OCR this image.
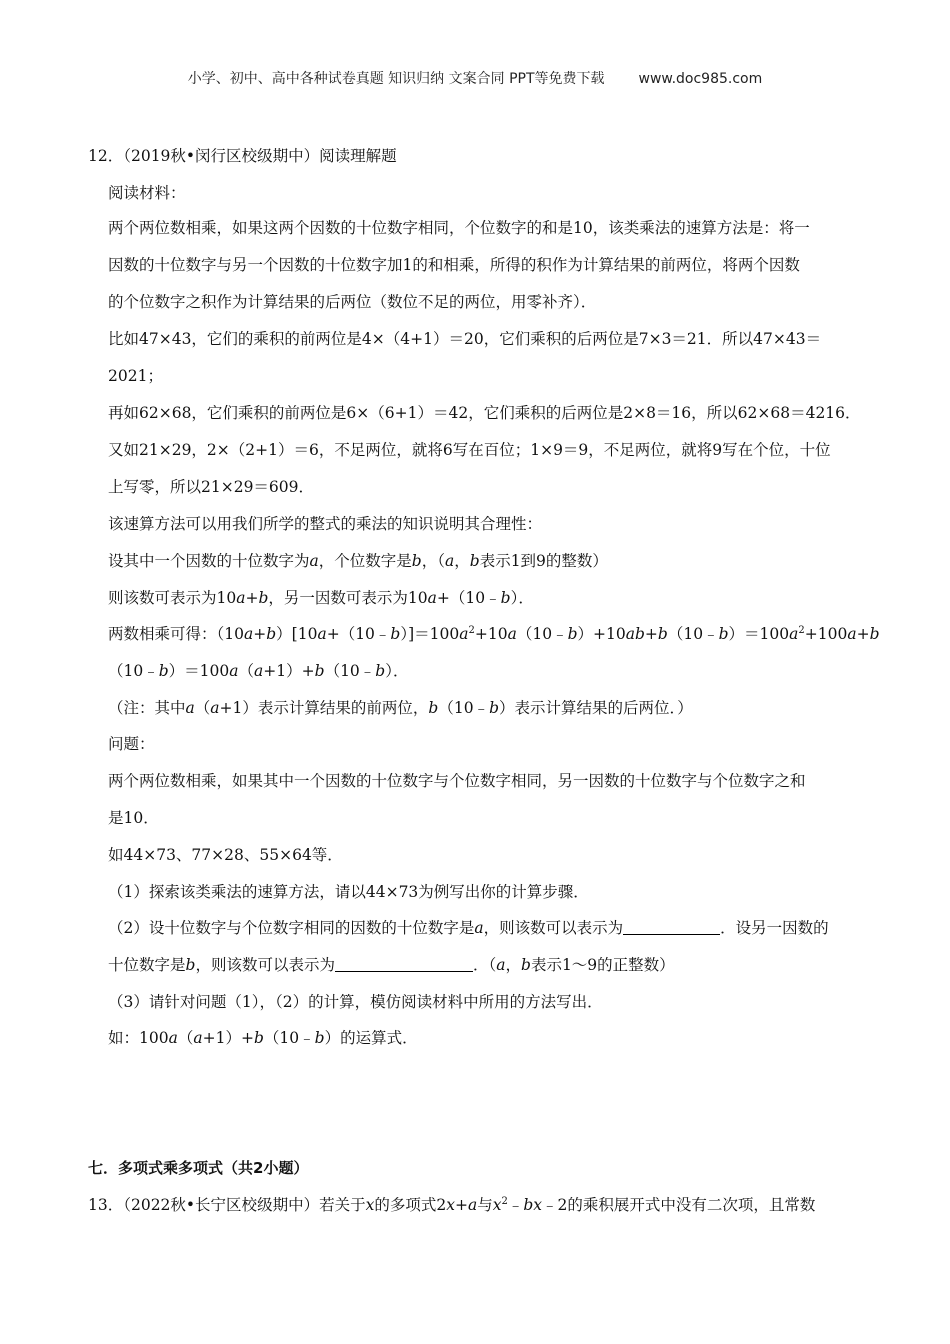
小学、初中、高中各种试卷真题 知识归纳 文案合同 PPT等免费下载 www.doc985.com
12．（2019秋•闵行区校级期中）阅读理解题
阅读材料：
两个两位数相乘，如果这两个因数的十位数字相同，个位数字的和是10，该类乘法的速算方法是：将一
因数的十位数字与另一个因数的十位数字加1的和相乘，所得的积作为计算结果的前两位，将两个因数
的个位数字之积作为计算结果的后两位（数位不足的两位，用零补齐）．
比如47×43，它们的乘积的前两位是4×（4+1）＝20，它们乘积的后两位是7×3＝21．所以47×43＝
2021；
再如62×68，它们乘积的前两位是6×（6+1）＝42，它们乘积的后两位是2×8＝16，所以62×68＝4216．
又如21×29，2×（2+1）＝6，不足两位，就将6写在百位；1×9＝9，不足两位，就将9写在个位，十位
上写零，所以21×29＝609．
该速算方法可以用我们所学的整式的乘法的知识说明其合理性：
设其中一个因数的十位数字为a，个位数字是b，（a，b表示1到9的整数）
则该数可表示为10a+b，另一因数可表示为10a+（10﹣b）．
两数相乘可得：$(10a+b)[10a+(10﹣b)]=100a^2+10a(10﹣b)+10ab+b(10﹣b)=100a^2+100a+b$
（10﹣b）＝100a（a+1）+b（10﹣b）．
（注：其中a（a+1）表示计算结果的前两位，b（10﹣b）表示计算结果的后两位．）
问题：
两个两位数相乘，如果其中一个因数的十位数字与个位数字相同，另一因数的十位数字与个位数字之和
是10．
如44×73、77×28、55×64等．
（1）探索该类乘法的速算方法，请以44×73为例写出你的计算步骤．
（2）设十位数字与个位数字相同的因数的十位数字是a，则该数可以表示为	．设另一因数的
十位数字是b，则该数可以表示为	．（a，b表示1～9的正整数）
（3）请针对问题（1），（2）的计算，模仿阅读材料中所用的方法写出．
如：100a（a+1）+b（10﹣b）的运算式．
七．多项式乘多项式（共2小题）
13．（2022秋•长宁区校级期中）若关于x的多项式2x+a与$x^2﹣bx﹣2$的乘积展开式中没有二次项，且常数
